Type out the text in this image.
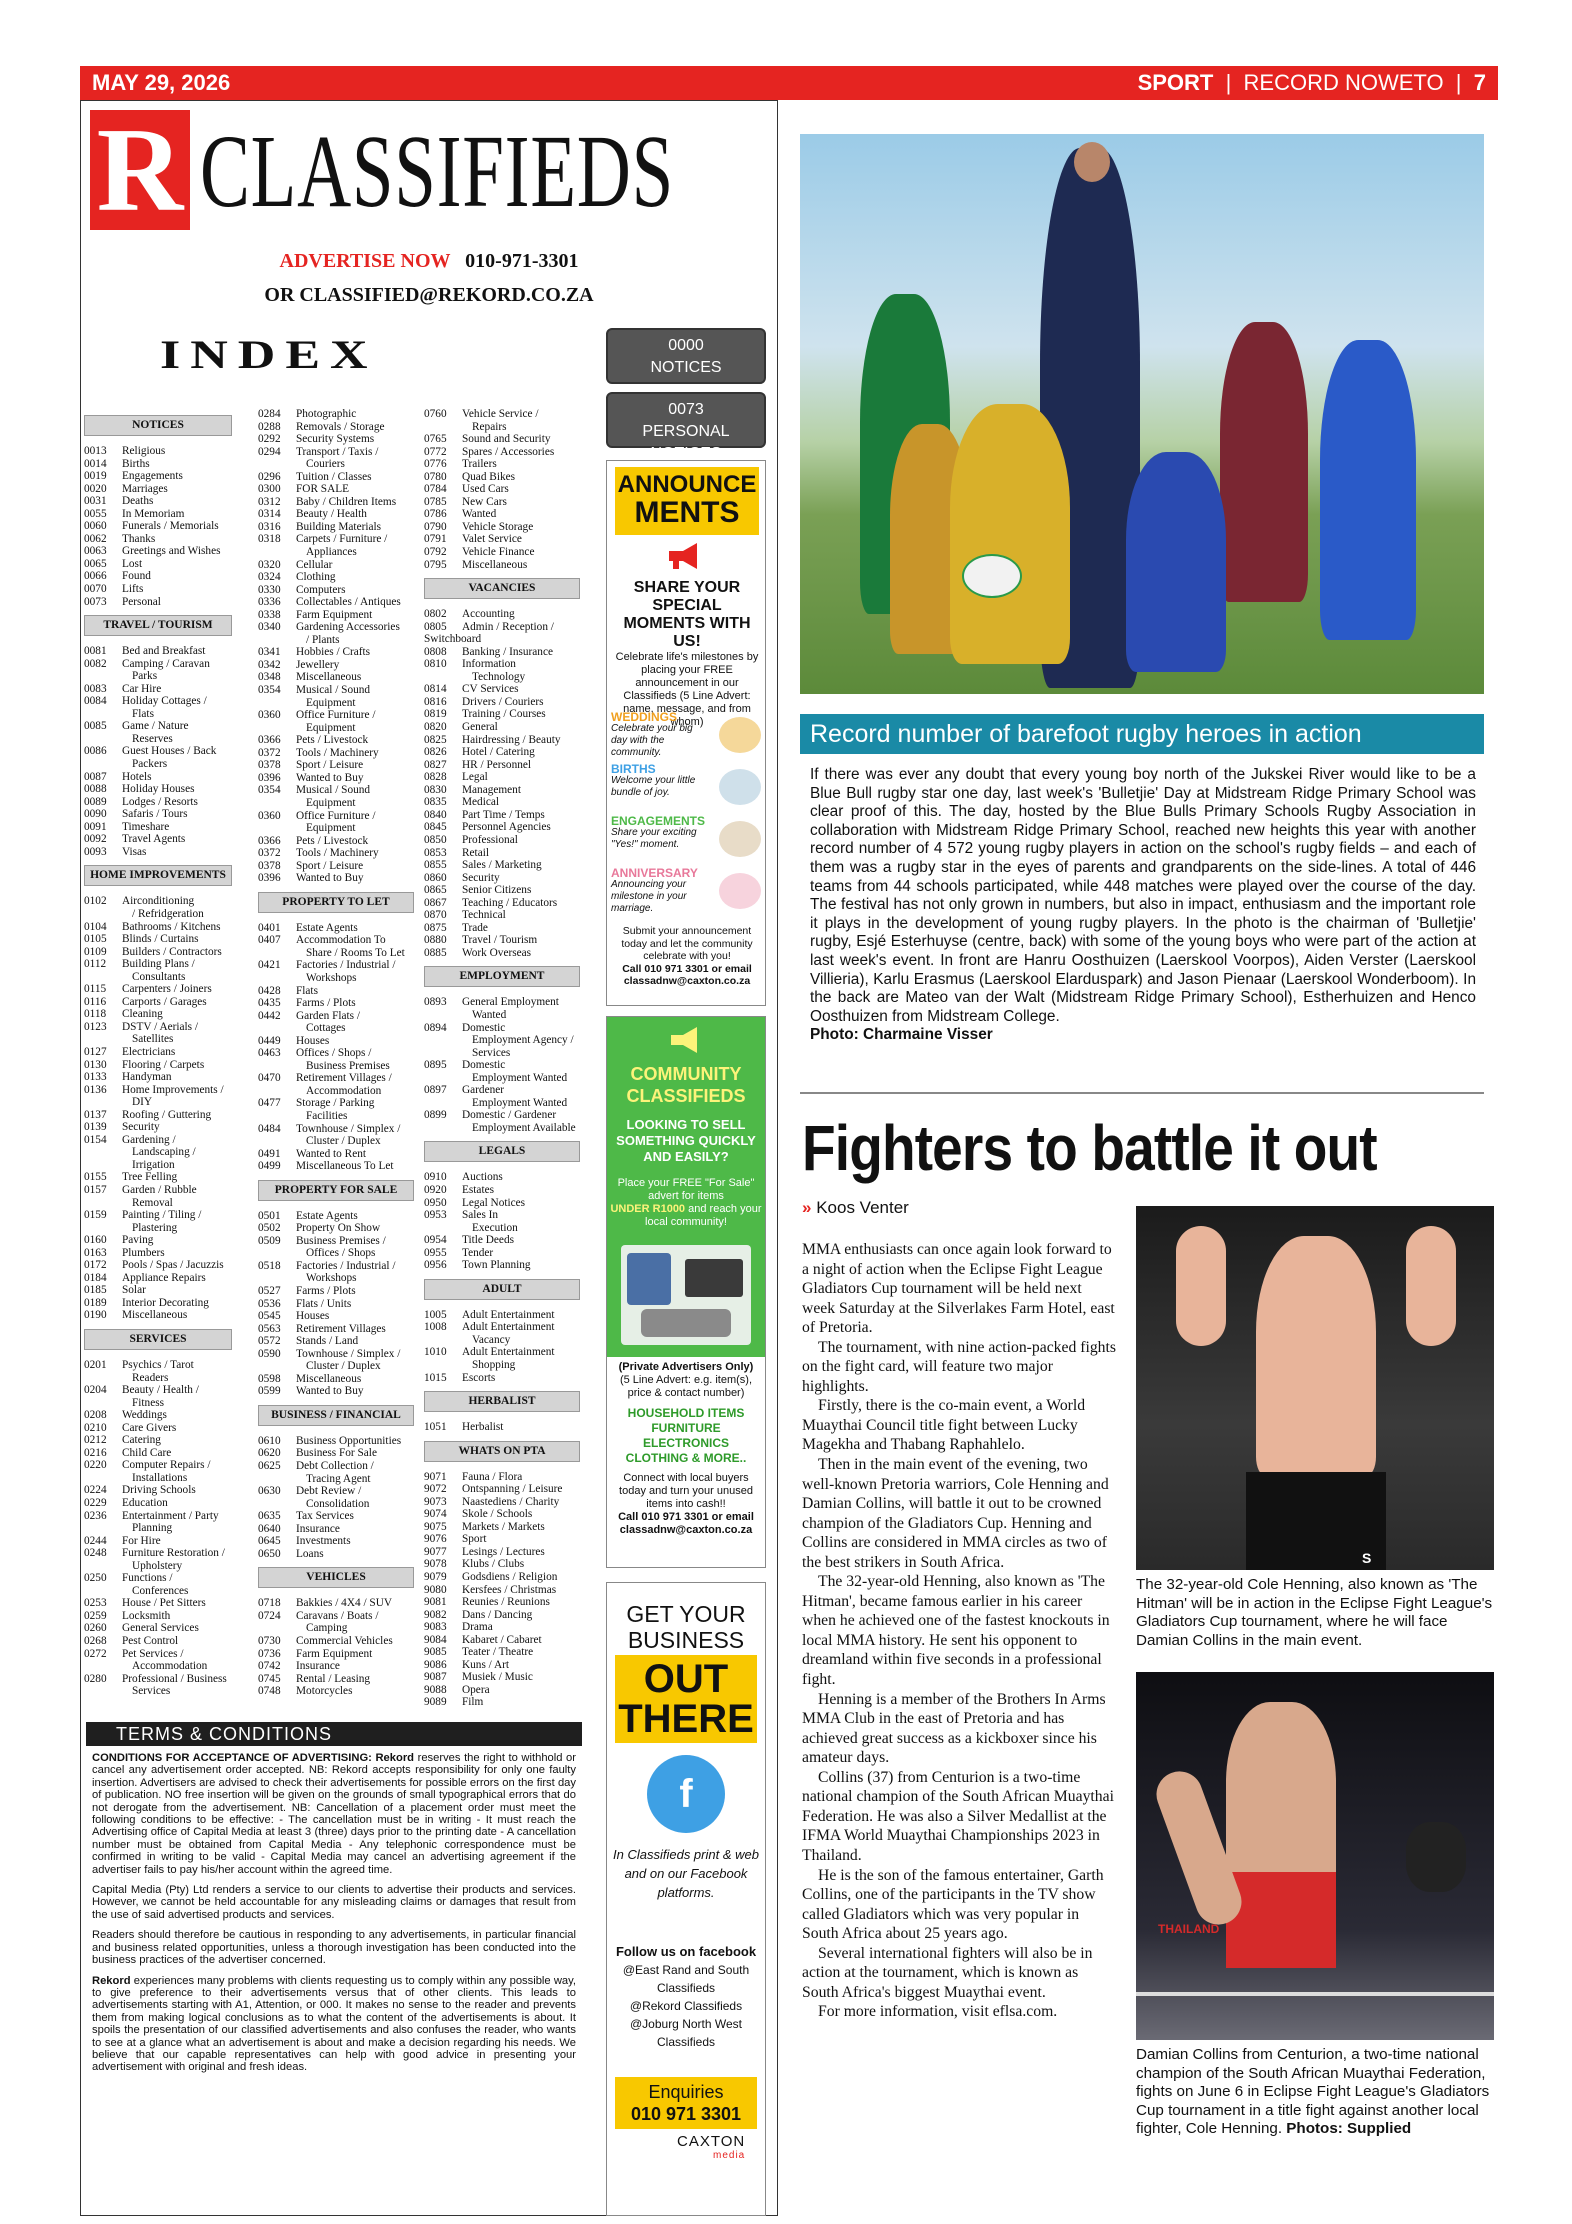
MAY 29, 2026	SPORT  |  RECORD NOWETO  |  7
R CLASSIFIEDS
ADVERTISE NOW 010-971-3301
OR CLASSIFIED@REKORD.CO.ZA
INDEX
NOTICES
0013	Religious
0014	Births
0019	Engagements
0020	Marriages
0031	Deaths
0055	In Memoriam
0060	Funerals / Memorials
0062	Thanks
0063	Greetings and Wishes
0065	Lost
0066	Found
0070	Lifts
0073	Personal
TRAVEL / TOURISM
0081	Bed and Breakfast
0082	Camping / Caravan
Parks
0083	Car Hire
0084	Holiday Cottages /
Flats
0085	Game / Nature
Reserves
0086	Guest Houses / Back
Packers
0087	Hotels
0088	Holiday Houses
0089	Lodges / Resorts
0090	Safaris / Tours
0091	Timeshare
0092	Travel Agents
0093	Visas
HOME IMPROVEMENTS
0102	Airconditioning
/ Refridgeration
0104	Bathrooms / Kitchens
0105	Blinds / Curtains
0109	Builders / Contractors
0112	Building Plans /
Consultants
0115	Carpenters / Joiners
0116	Carports / Garages
0118	Cleaning
0123	DSTV / Aerials /
Satellites
0127	Electricians
0130	Flooring / Carpets
0133	Handyman
0136	Home Improvements /
DIY
0137	Roofing / Guttering
0139	Security
0154	Gardening /
Landscaping /
Irrigation
0155	Tree Felling
0157	Garden / Rubble
Removal
0159	Painting / Tiling /
Plastering
0160	Paving
0163	Plumbers
0172	Pools / Spas / Jacuzzis
0184	Appliance Repairs
0185	Solar
0189	Interior Decorating
0190	Miscellaneous
SERVICES
0201	Psychics / Tarot
Readers
0204	Beauty / Health /
Fitness
0208	Weddings
0210	Care Givers
0212	Catering
0216	Child Care
0220	Computer Repairs /
Installations
0224	Driving Schools
0229	Education
0236	Entertainment / Party
Planning
0244	For Hire
0248	Furniture Restoration /
Upholstery
0250	Functions /
Conferences
0253	House / Pet Sitters
0259	Locksmith
0260	General Services
0268	Pest Control
0272	Pet Services /
Accommodation
0280	Professional / Business
Services
0284	Photographic
0288	Removals / Storage
0292	Security Systems
0294	Transport / Taxis /
Couriers
0296	Tuition / Classes
0300	FOR SALE
0312	Baby / Children Items
0314	Beauty / Health
0316	Building Materials
0318	Carpets / Furniture /
Appliances
0320	Cellular
0324	Clothing
0330	Computers
0336	Collectables / Antiques
0338	Farm Equipment
0340	Gardening Accessories
/ Plants
0341	Hobbies / Crafts
0342	Jewellery
0348	Miscellaneous
0354	Musical / Sound
Equipment
0360	Office Furniture /
Equipment
0366	Pets / Livestock
0372	Tools / Machinery
0378	Sport / Leisure
0396	Wanted to Buy
0354	Musical / Sound
Equipment
0360	Office Furniture /
Equipment
0366	Pets / Livestock
0372	Tools / Machinery
0378	Sport / Leisure
0396	Wanted to Buy
PROPERTY TO LET
0401	Estate Agents
0407	Accommodation To
Share / Rooms To Let
0421	Factories / Industrial /
Workshops
0428	Flats
0435	Farms / Plots
0442	Garden Flats /
Cottages
0449	Houses
0463	Offices / Shops /
Business Premises
0470	Retirement Villages /
Accommodation
0477	Storage / Parking
Facilities
0484	Townhouse / Simplex /
Cluster / Duplex
0491	Wanted to Rent
0499	Miscellaneous To Let
PROPERTY FOR SALE
0501	Estate Agents
0502	Property On Show
0509	Business Premises /
Offices / Shops
0518	Factories / Industrial /
Workshops
0527	Farms / Plots
0536	Flats / Units
0545	Houses
0563	Retirement Villages
0572	Stands / Land
0590	Townhouse / Simplex /
Cluster / Duplex
0598	Miscellaneous
0599	Wanted to Buy
BUSINESS / FINANCIAL
0610	Business Opportunities
0620	Business For Sale
0625	Debt Collection /
Tracing Agent
0630	Debt Review /
Consolidation
0635	Tax Services
0640	Insurance
0645	Investments
0650	Loans
VEHICLES
0718	Bakkies / 4X4 / SUV
0724	Caravans / Boats /
Camping
0730	Commercial Vehicles
0736	Farm Equipment
0742	Insurance
0745	Rental / Leasing
0748	Motorcycles
0760	Vehicle Service /
Repairs
0765	Sound and Security
0772	Spares / Accessories
0776	Trailers
0780	Quad Bikes
0784	Used Cars
0785	New Cars
0786	Wanted
0790	Vehicle Storage
0791	Valet Service
0792	Vehicle Finance
0795	Miscellaneous
VACANCIES
0802	Accounting
0805	Admin / Reception /
Switchboard
0808	Banking / Insurance
0810	Information
Technology
0814	CV Services
0816	Drivers / Couriers
0819	Training / Courses
0820	General
0825	Hairdressing / Beauty
0826	Hotel / Catering
0827	HR / Personnel
0828	Legal
0830	Management
0835	Medical
0840	Part Time / Temps
0845	Personnel Agencies
0850	Professional
0853	Retail
0855	Sales / Marketing
0860	Security
0865	Senior Citizens
0867	Teaching / Educators
0870	Technical
0875	Trade
0880	Travel / Tourism
0885	Work Overseas
EMPLOYMENT
0893	General Employment
Wanted
0894	Domestic
Employment Agency /
Services
0895	Domestic
Employment Wanted
0897	Gardener
Employment Wanted
0899	Domestic / Gardener
Employment Available
LEGALS
0910	Auctions
0920	Estates
0950	Legal Notices
0953	Sales In
Execution
0954	Title Deeds
0955	Tender
0956	Town Planning
ADULT
1005	Adult Entertainment
1008	Adult Entertainment
Vacancy
1010	Adult Entertainment
Shopping
1015	Escorts
HERBALIST
1051	Herbalist
WHATS ON PTA
9071	Fauna / Flora
9072	Ontspanning / Leisure
9073	Naastediens / Charity
9074	Skole / Schools
9075	Markets / Markets
9076	Sport
9077	Lesings / Lectures
9078	Klubs / Clubs
9079	Godsdiens / Religion
9080	Kersfees / Christmas
9081	Reunies / Reunions
9082	Dans / Dancing
9083	Drama
9084	Kabaret / Cabaret
9085	Teater / Theatre
9086	Kuns / Art
9087	Musiek / Music
9088	Opera
9089	Film
0000
NOTICES
0073
PERSONAL NOTICES
ANNOUNCE
MENTS
SHARE YOUR SPECIAL MOMENTS WITH US!
Celebrate life's milestones by placing your FREE announcement in our Classifieds (5 Line Advert: name, message, and from whom)
WEDDINGS
Celebrate your big day with the community.
BIRTHS
Welcome your little bundle of joy.
ENGAGEMENTS
Share your exciting "Yes!" moment.
ANNIVERSARY
Announcing your milestone in your marriage.
Submit your announcement today and let the community celebrate with you!
Call 010 971 3301 or email
classadnw@caxton.co.za
COMMUNITY CLASSIFIEDS
LOOKING TO SELL SOMETHING QUICKLY AND EASILY?
Place your FREE "For Sale" advert for items
UNDER R1000 and reach your local community!
(Private Advertisers Only)
(5 Line Advert: e.g. item(s), price & contact number)
HOUSEHOLD ITEMS FURNITURE ELECTRONICS CLOTHING & MORE..
Connect with local buyers today and turn your unused items into cash!!
Call 010 971 3301 or email
classadnw@caxton.co.za
GET YOUR BUSINESS
OUT THERE
f
In Classifieds print & web and on our Facebook platforms.
Follow us on facebook
@East Rand and South Classifieds
@Rekord Classifieds
@Joburg North West Classifieds
Enquiries
010 971 3301
CAXTON
media
TERMS & CONDITIONS

CONDITIONS FOR ACCEPTANCE OF ADVERTISING: Rekord reserves the right to withhold or cancel any advertisement order accepted. NB: Rekord accepts responsibility for only one faulty insertion. Advertisers are advised to check their advertisements for possible errors on the first day of publication. NO free insertion will be given on the grounds of small typographical errors that do not derogate from the advertisement. NB: Cancellation of a placement order must meet the following conditions to be effective: - The cancellation must be in writing - It must reach the Advertising office of Capital Media at least 3 (three) days prior to the printing date - A cancellation number must be obtained from Capital Media - Any telephonic correspondence must be confirmed in writing to be valid - Capital Media may cancel an advertising agreement if the advertiser fails to pay his/her account within the agreed time.

Capital Media (Pty) Ltd renders a service to our clients to advertise their products and services. However, we cannot be held accountable for any misleading claims or damages that result from the use of said advertised products and services.

Readers should therefore be cautious in responding to any advertisements, in particular financial and business related opportunities, unless a thorough investigation has been conducted into the business practices of the advertiser concerned.

Rekord experiences many problems with clients requesting us to comply within any possible way, to give preference to their advertisements versus that of other clients. This leads to advertisements starting with A1, Attention, or 000. It makes no sense to the reader and prevents them from making logical conclusions as to what the content of the advertisements is about. It spoils the presentation of our classified advertisements and also confuses the reader, who wants to see at a glance what an advertisement is about and make a decision regarding his needs. We believe that our capable representatives can help with good advice in presenting your advertisement with original and fresh ideas.

Record number of barefoot rugby heroes in action
If there was ever any doubt that every young boy north of the Jukskei River would like to be a Blue Bull rugby star one day, last week's 'Bulletjie' Day at Midstream Ridge Primary School was clear proof of this. The day, hosted by the Blue Bulls Primary Schools Rugby Association in collaboration with Midstream Ridge Primary School, reached new heights this year with another record number of 4 572 young rugby players in action on the school's rugby fields – and each of them was a rugby star in the eyes of parents and grandparents on the side-lines. A total of 446 teams from 44 schools participated, while 448 matches were played over the course of the day. The festival has not only grown in numbers, but also in impact, enthusiasm and the important role it plays in the development of young rugby players. In the photo is the chairman of 'Bulletjie' rugby, Esjé Esterhuyse (centre, back) with some of the young boys who were part of the action at last week's event. In front are Hanru Oosthuizen (Laerskool Voorpos), Aiden Verster (Laerskool Villieria), Karlu Erasmus (Laerskool Elarduspark) and Jason Pienaar (Laerskool Wonderboom). In the back are Mateo van der Walt (Midstream Ridge Primary School), Estherhuizen and Henco Oosthuizen from Midstream College.
Photo: Charmaine Visser
Fighters to battle it out
» Koos Venter

MMA enthusiasts can once again look forward to a night of action when the Eclipse Fight League Gladiators Cup tournament will be held next week Saturday at the Silverlakes Farm Hotel, east of Pretoria.

The tournament, with nine action-packed fights on the fight card, will feature two major highlights.

Firstly, there is the co-main event, a World Muaythai Council title fight between Lucky Magekha and Thabang Raphahlelo.

Then in the main event of the evening, two well-known Pretoria warriors, Cole Henning and Damian Collins, will battle it out to be crowned champion of the Gladiators Cup. Henning and Collins are considered in MMA circles as two of the best strikers in South Africa.

The 32-year-old Henning, also known as 'The Hitman', became famous earlier in his career when he achieved one of the fastest knockouts in local MMA history. He sent his opponent to dreamland within five seconds in a professional fight.

Henning is a member of the Brothers In Arms MMA Club in the east of Pretoria and has achieved great success as a kickboxer since his amateur days.

Collins (37) from Centurion is a two-time national champion of the South African Muaythai Federation. He was also a Silver Medallist at the IFMA World Muaythai Championships 2023 in Thailand.

He is the son of the famous entertainer, Garth Collins, one of the participants in the TV show called Gladiators which was very popular in South Africa about 25 years ago.

Several international fighters will also be in action at the tournament, which is known as South Africa's biggest Muaythai event.

For more information, visit eflsa.com.

S
The 32-year-old Cole Henning, also known as 'The Hitman' will be in action in the Eclipse Fight League's Gladiators Cup tournament, where he will face Damian Collins in the main event.
THAILAND
Damian Collins from Centurion, a two-time national champion of the South African Muaythai Federation, fights on June 6 in Eclipse Fight League's Gladiators Cup tournament in a title fight against another local fighter, Cole Henning. Photos: Supplied
